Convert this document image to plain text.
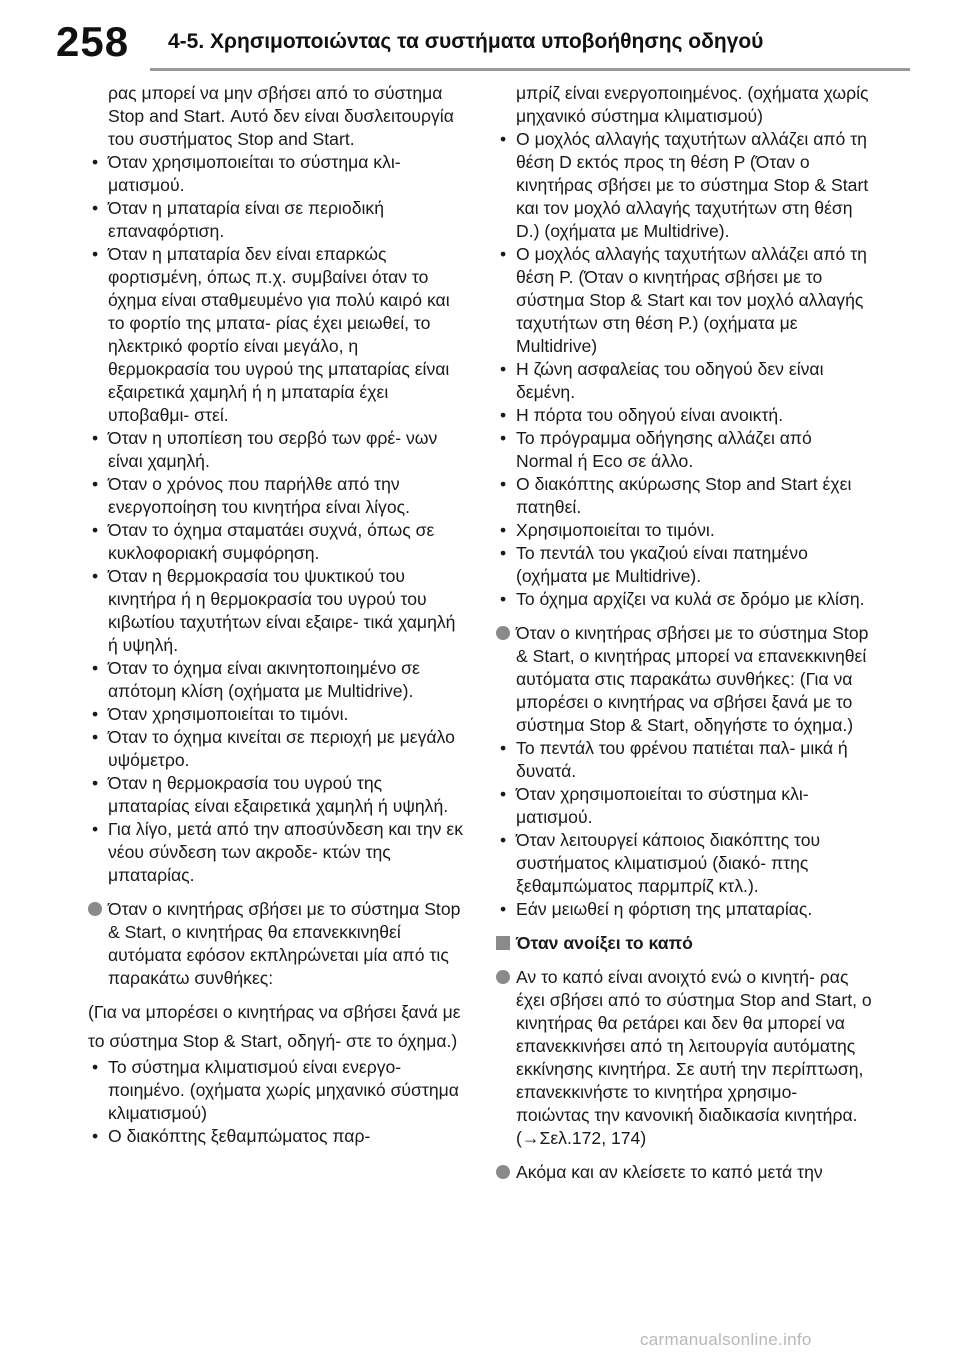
258 4-5. Χρησιμοποιώντας τα συστήματα υποβοήθησης οδηγού

ρας μπορεί να μην σβήσει από το σύστημα Stop and Start. Αυτό δεν είναι δυσλειτουργία του συστήματος Stop and Start.

• Όταν χρησιμοποιείται το σύστημα κλι- ματισμού.
• Όταν η μπαταρία είναι σε περιοδική επαναφόρτιση.
• Όταν η μπαταρία δεν είναι επαρκώς φορτισμένη, όπως π.χ. συμβαίνει όταν το όχημα είναι σταθμευμένο για πολύ καιρό και το φορτίο της μπατα- ρίας έχει μειωθεί, το ηλεκτρικό φορτίο είναι μεγάλο, η θερμοκρασία του υγρού της μπαταρίας είναι εξαιρετικά χαμηλή ή η μπαταρία έχει υποβαθμι- στεί.
• Όταν η υποπίεση του σερβό των φρέ- νων είναι χαμηλή.
• Όταν ο χρόνος που παρήλθε από την ενεργοποίηση του κινητήρα είναι λίγος.
• Όταν το όχημα σταματάει συχνά, όπως σε κυκλοφοριακή συμφόρηση.
• Όταν η θερμοκρασία του ψυκτικού του κινητήρα ή η θερμοκρασία του υγρού του κιβωτίου ταχυτήτων είναι εξαιρε- τικά χαμηλή ή υψηλή.
• Όταν το όχημα είναι ακινητοποιημένο σε απότομη κλίση (οχήματα με Multidrive).
• Όταν χρησιμοποιείται το τιμόνι.
• Όταν το όχημα κινείται σε περιοχή με μεγάλο υψόμετρο.
• Όταν η θερμοκρασία του υγρού της μπαταρίας είναι εξαιρετικά χαμηλή ή υψηλή.
• Για λίγο, μετά από την αποσύνδεση και την εκ νέου σύνδεση των ακροδε- κτών της μπαταρίας.
Όταν ο κινητήρας σβήσει με το σύστημα Stop & Start, ο κινητήρας θα επανεκκινηθεί αυτόματα εφόσον εκπληρώνεται μία από τις παρακάτω συνθήκες:

(Για να μπορέσει ο κινητήρας να σβήσει ξανά με το σύστημα Stop & Start, οδηγή- στε το όχημα.)

• Το σύστημα κλιματισμού είναι ενεργο- ποιημένο. (οχήματα χωρίς μηχανικό σύστημα κλιματισμού)
• Ο διακόπτης ξεθαμπώματος παρ-

μπρίζ είναι ενεργοποιημένος. (οχήματα χωρίς μηχανικό σύστημα κλιματισμού)

• Ο μοχλός αλλαγής ταχυτήτων αλλάζει από τη θέση D εκτός προς τη θέση P (Όταν ο κινητήρας σβήσει με το σύστημα Stop & Start και τον μοχλό αλλαγής ταχυτήτων στη θέση D.) (οχήματα με Multidrive).
• Ο μοχλός αλλαγής ταχυτήτων αλλάζει από τη θέση P. (Όταν ο κινητήρας σβήσει με το σύστημα Stop & Start και τον μοχλό αλλαγής ταχυτήτων στη θέση P.) (οχήματα με Multidrive)
• Η ζώνη ασφαλείας του οδηγού δεν είναι δεμένη.
• Η πόρτα του οδηγού είναι ανοικτή.
• Το πρόγραμμα οδήγησης αλλάζει από Normal ή Eco σε άλλο.
• Ο διακόπτης ακύρωσης Stop and Start έχει πατηθεί.
• Χρησιμοποιείται το τιμόνι.
• Το πεντάλ του γκαζιού είναι πατημένο (οχήματα με Multidrive).
• Το όχημα αρχίζει να κυλά σε δρόμο με κλίση.
Όταν ο κινητήρας σβήσει με το σύστημα Stop & Start, ο κινητήρας μπορεί να επανεκκινηθεί αυτόματα στις παρακάτω συνθήκες: (Για να μπορέσει ο κινητήρας να σβήσει ξανά με το σύστημα Stop & Start, οδηγήστε το όχημα.)
• Το πεντάλ του φρένου πατιέται παλ- μικά ή δυνατά.
• Όταν χρησιμοποιείται το σύστημα κλι- ματισμού.
• Όταν λειτουργεί κάποιος διακόπτης του συστήματος κλιματισμού (διακό- πτης ξεθαμπώματος παρμπρίζ κτλ.).
• Εάν μειωθεί η φόρτιση της μπαταρίας.
Όταν ανοίξει το καπό
Αν το καπό είναι ανοιχτό ενώ ο κινητή- ρας έχει σβήσει από το σύστημα Stop and Start, ο κινητήρας θα ρετάρει και δεν θα μπορεί να επανεκκινήσει από τη λειτουργία αυτόματης εκκίνησης κινητήρα. Σε αυτή την περίπτωση, επανεκκινήστε το κινητήρα χρησιμο- ποιώντας την κανονική διαδικασία κινητήρα. (→Σελ.172, 174)
Ακόμα και αν κλείσετε το καπό μετά την
carmanualsonline.info
